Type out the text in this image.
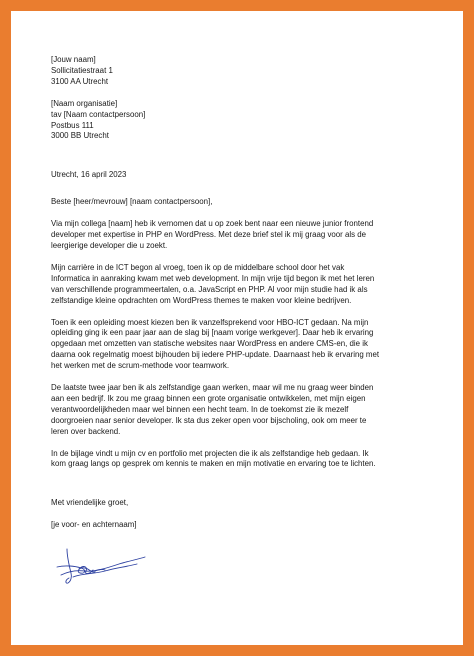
[Jouw naam]
Sollicitatiestraat 1
3100 AA Utrecht
[Naam organisatie]
tav [Naam contactpersoon]
Postbus 111
3000 BB Utrecht
Utrecht, 16 april 2023
Beste [heer/mevrouw] [naam contactpersoon],
Via mijn collega [naam] heb ik vernomen dat u op zoek bent naar een nieuwe junior frontend
developer met expertise in PHP en WordPress. Met deze brief stel ik mij graag voor als de
leergierige developer die u zoekt.
Mijn carrière in de ICT begon al vroeg, toen ik op de middelbare school door het vak
Informatica in aanraking kwam met web development. In mijn vrije tijd begon ik met het leren
van verschillende programmeertalen, o.a. JavaScript en PHP. Al voor mijn studie had ik als
zelfstandige kleine opdrachten om WordPress themes te maken voor kleine bedrijven.
Toen ik een opleiding moest kiezen ben ik vanzelfsprekend voor HBO-ICT gedaan. Na mijn
opleiding ging ik een paar jaar aan de slag bij [naam vorige werkgever]. Daar heb ik ervaring
opgedaan met omzetten van statische websites naar WordPress en andere CMS-en, die ik
daarna ook regelmatig moest bijhouden bij iedere PHP-update. Daarnaast heb ik ervaring met
het werken met de scrum-methode voor teamwork.
De laatste twee jaar ben ik als zelfstandige gaan werken, maar wil me nu graag weer binden
aan een bedrijf. Ik zou me graag binnen een grote organisatie ontwikkelen, met mijn eigen
verantwoordelijkheden maar wel binnen een hecht team. In de toekomst zie ik mezelf
doorgroeien naar senior developer. Ik sta dus zeker open voor bijscholing, ook om meer te
leren over backend.
In de bijlage vindt u mijn cv en portfolio met projecten die ik als zelfstandige heb gedaan. Ik
kom graag langs op gesprek om kennis te maken en mijn motivatie en ervaring toe te lichten.
Met vriendelijke groet,
[je voor- en achternaam]
